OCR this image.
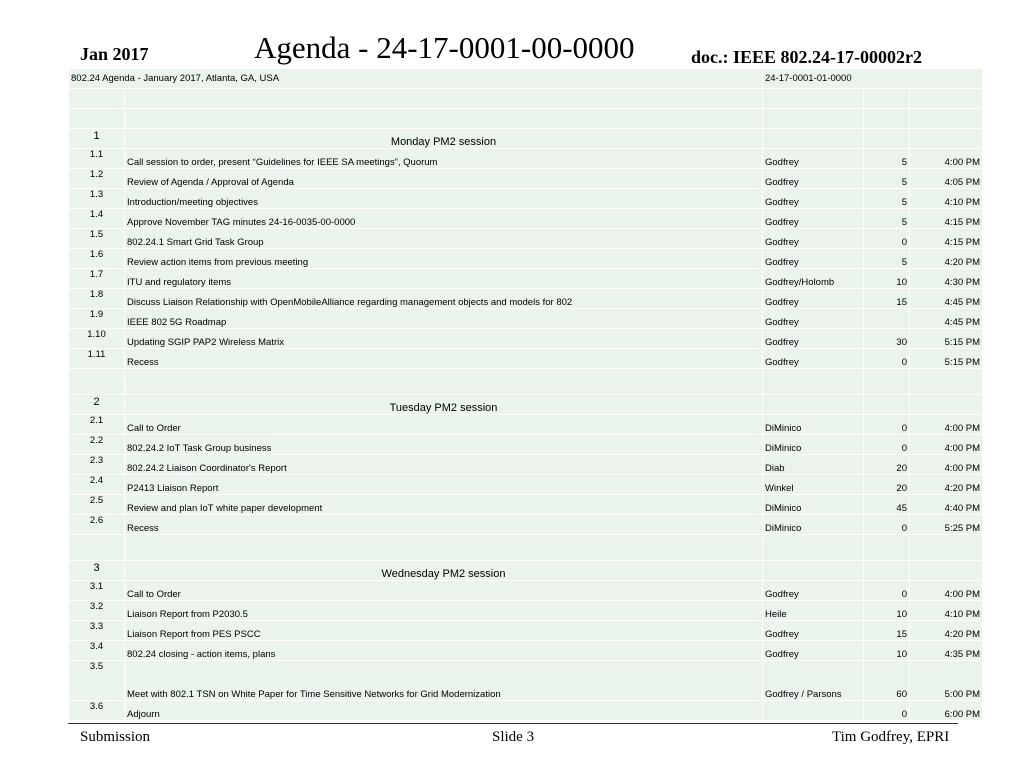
Jan 2017	Agenda - 24-17-0001-00-0000	doc.: IEEE 802.24-17-00002r2
802.24 Agenda - January 2017, Atlanta, GA, USA		24-17-0001-01-0000		

1	Monday PM2 session			
1.1	Call session to order, present “Guidelines for IEEE SA meetings”, Quorum	Godfrey	5	4:00 PM
1.2	Review of Agenda / Approval of Agenda	Godfrey	5	4:05 PM
1.3	Introduction/meeting objectives	Godfrey	5	4:10 PM
1.4	Approve November TAG minutes 24-16-0035-00-0000	Godfrey	5	4:15 PM
1.5	802.24.1 Smart Grid Task Group	Godfrey	0	4:15 PM
1.6	Review action items from previous meeting	Godfrey	5	4:20 PM
1.7	ITU and regulatory items	Godfrey/Holomb	10	4:30 PM
1.8	Discuss Liaison Relationship with OpenMobileAlliance regarding management objects and models for 802	Godfrey	15	4:45 PM
1.9	IEEE 802 5G Roadmap	Godfrey		4:45 PM
1.10	Updating SGIP PAP2 Wireless Matrix	Godfrey	30	5:15 PM
1.11	Recess	Godfrey	0	5:15 PM

2	Tuesday PM2 session			
2.1	Call to Order	DiMinico	0	4:00 PM
2.2	802.24.2 IoT Task Group business	DiMinico	0	4:00 PM
2.3	802.24.2 Liaison Coordinator's Report	Diab	20	4:00 PM
2.4	P2413 Liaison Report	Winkel	20	4:20 PM
2.5	Review and plan IoT white paper development	DiMinico	45	4:40 PM
2.6	Recess	DiMinico	0	5:25 PM

3	Wednesday PM2 session			
3.1	Call to Order	Godfrey	0	4:00 PM
3.2	Liaison Report from P2030.5	Heile	10	4:10 PM
3.3	Liaison Report from PES PSCC	Godfrey	15	4:20 PM
3.4	802.24 closing - action items, plans	Godfrey	10	4:35 PM
3.5	Meet with 802.1 TSN on White Paper for Time Sensitive Networks for Grid Modernization	Godfrey / Parsons	60	5:00 PM
3.6	Adjourn		0	6:00 PM
Submission	Slide 3	Tim Godfrey, EPRI
